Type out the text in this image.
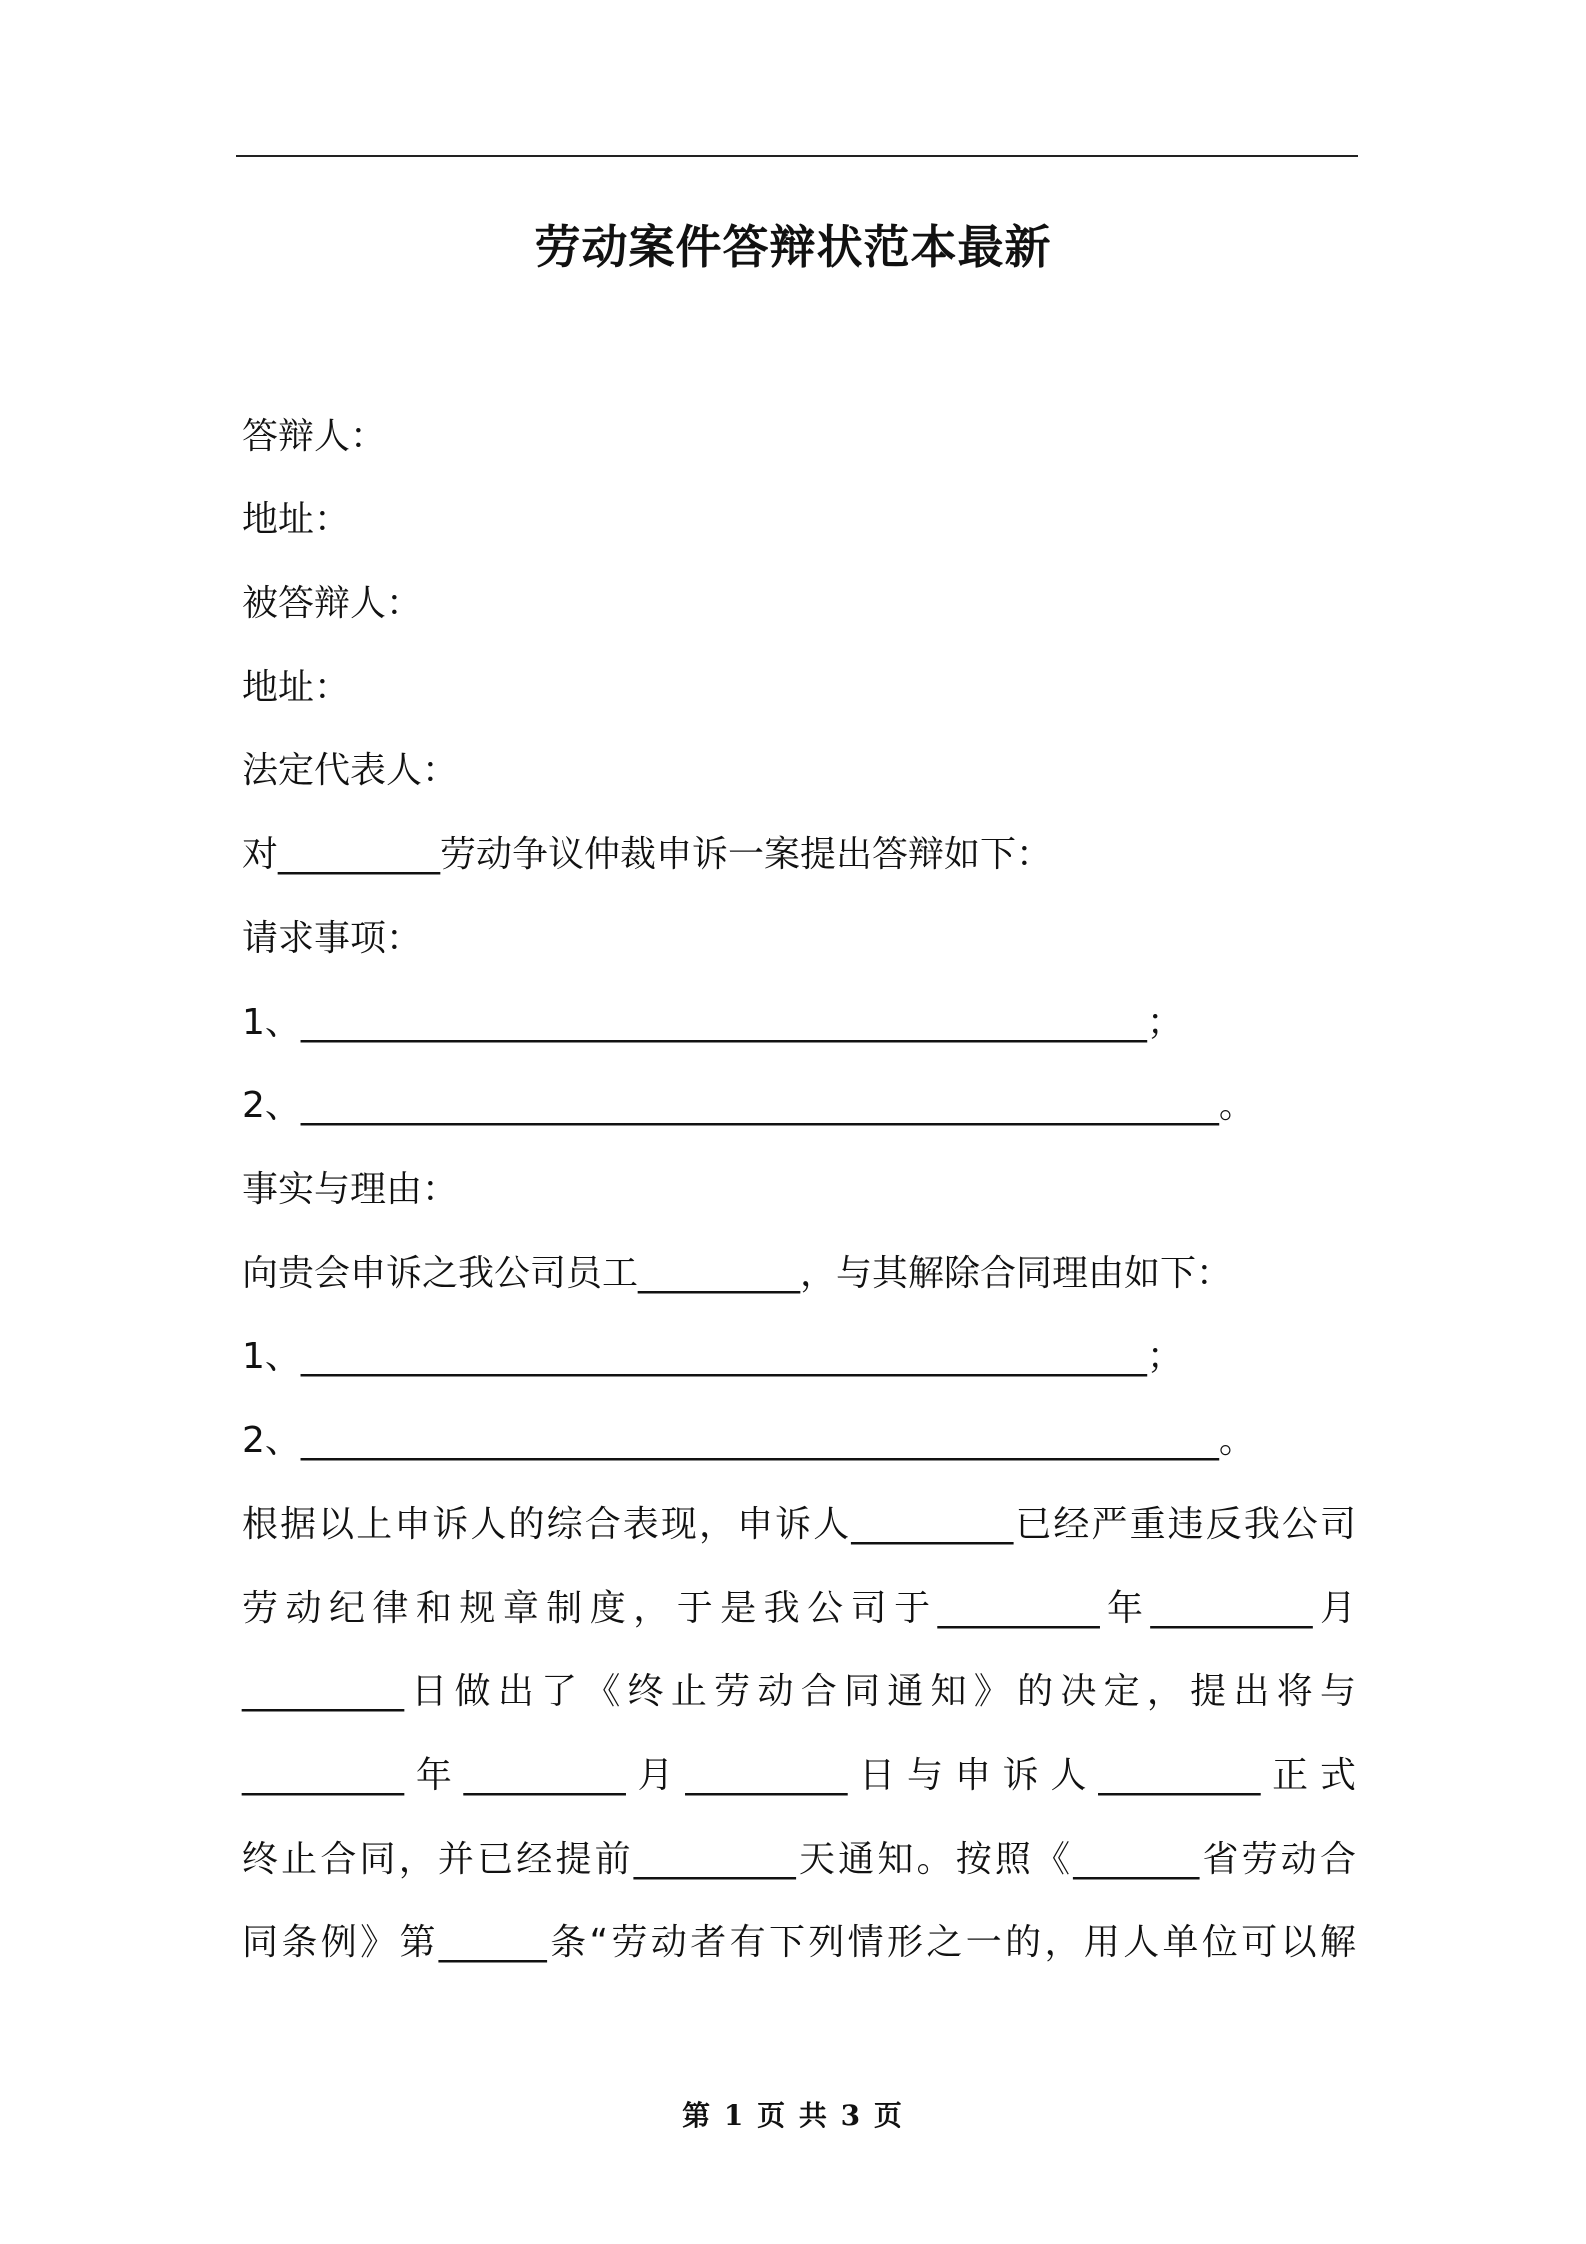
劳动案件答辩状范本最新
答辩人：
地址：
被答辩人：
地址：
法定代表人：
对_________劳动争议仲裁申诉一案提出答辩如下：
请求事项：
1、_______________________________________________；
2、___________________________________________________。
事实与理由：
向贵会申诉之我公司员工_________，与其解除合同理由如下：
1、_______________________________________________；
2、___________________________________________________。
根据以上申诉人的综合表现，申诉人_________已经严重违反我公司
劳动纪律和规章制度，于是我公司于_________年_________月
_________日做出了《终止劳动合同通知》的决定，提出将与
_________年_________月_________日与申诉人_________正式
终止合同，并已经提前_________天通知。按照《_______省劳动合
同条例》第______条“劳动者有下列情形之一的，用人单位可以解
第 1 页 共 3 页
